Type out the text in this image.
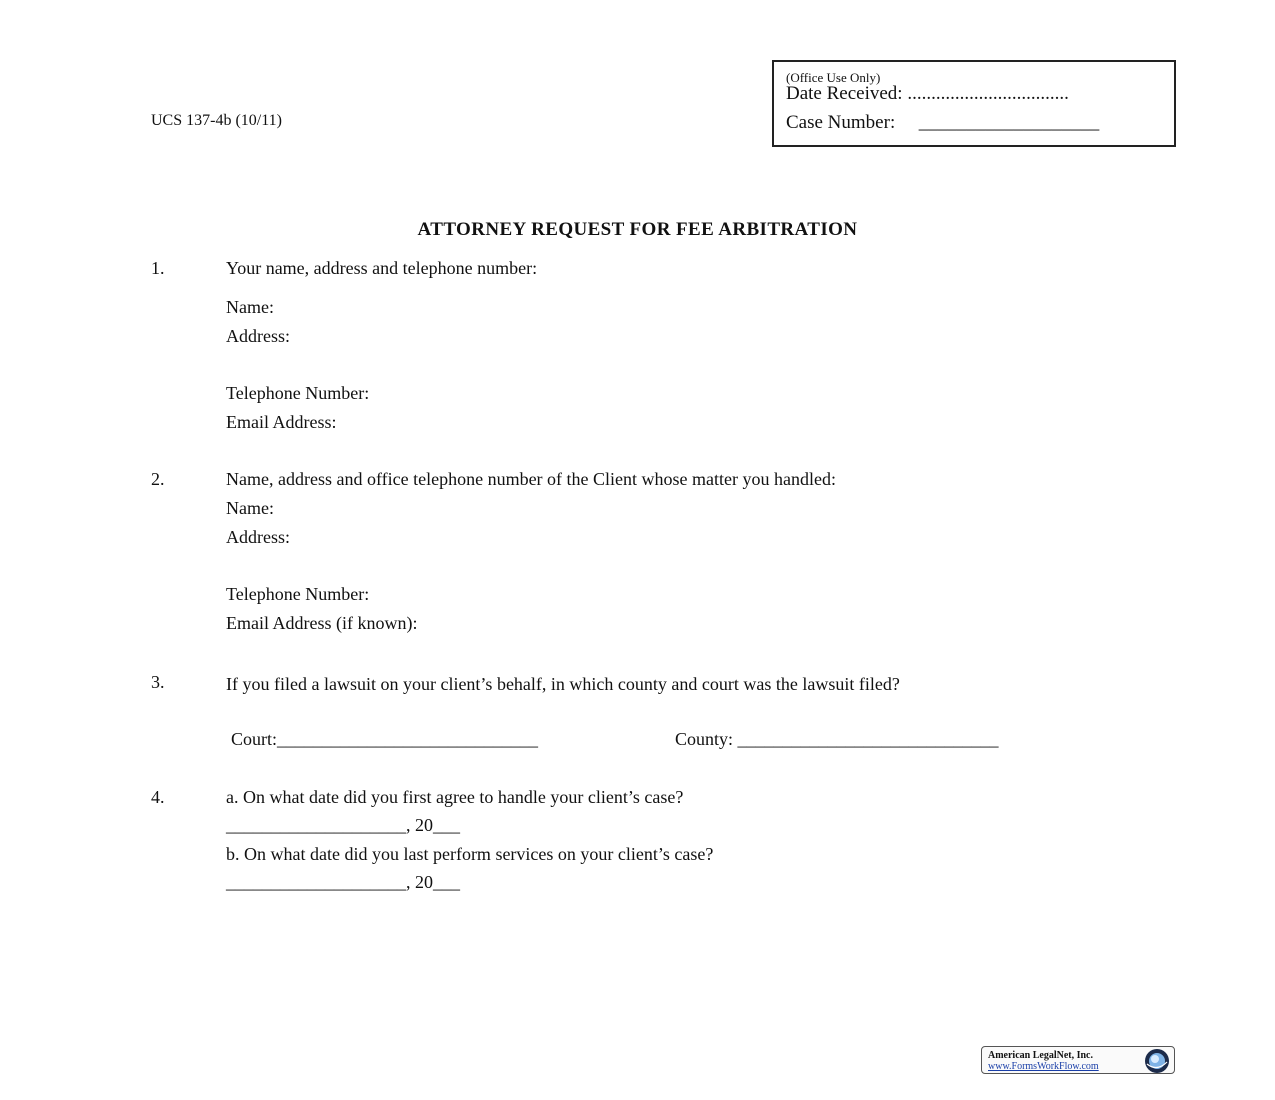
UCS 137-4b (10/11)
(Office Use Only)
Date Received: ..................................
Case Number: ___________________
ATTORNEY REQUEST FOR FEE ARBITRATION
1.	Your name, address and telephone number:
Name:
Address:
Telephone Number:
Email Address:
2.	Name, address and office telephone number of the Client whose matter you handled:
Name:
Address:
Telephone Number:
Email Address (if known):
3.	If you filed a lawsuit on your client’s behalf, in which county and court was the lawsuit filed?
Court:_____________________________	County: _____________________________
4.	a. On what date did you first agree to handle your client’s case?
____________________, 20___
b. On what date did you last perform services on your client’s case?
____________________, 20___
American LegalNet, Inc.
www.FormsWorkFlow.com
